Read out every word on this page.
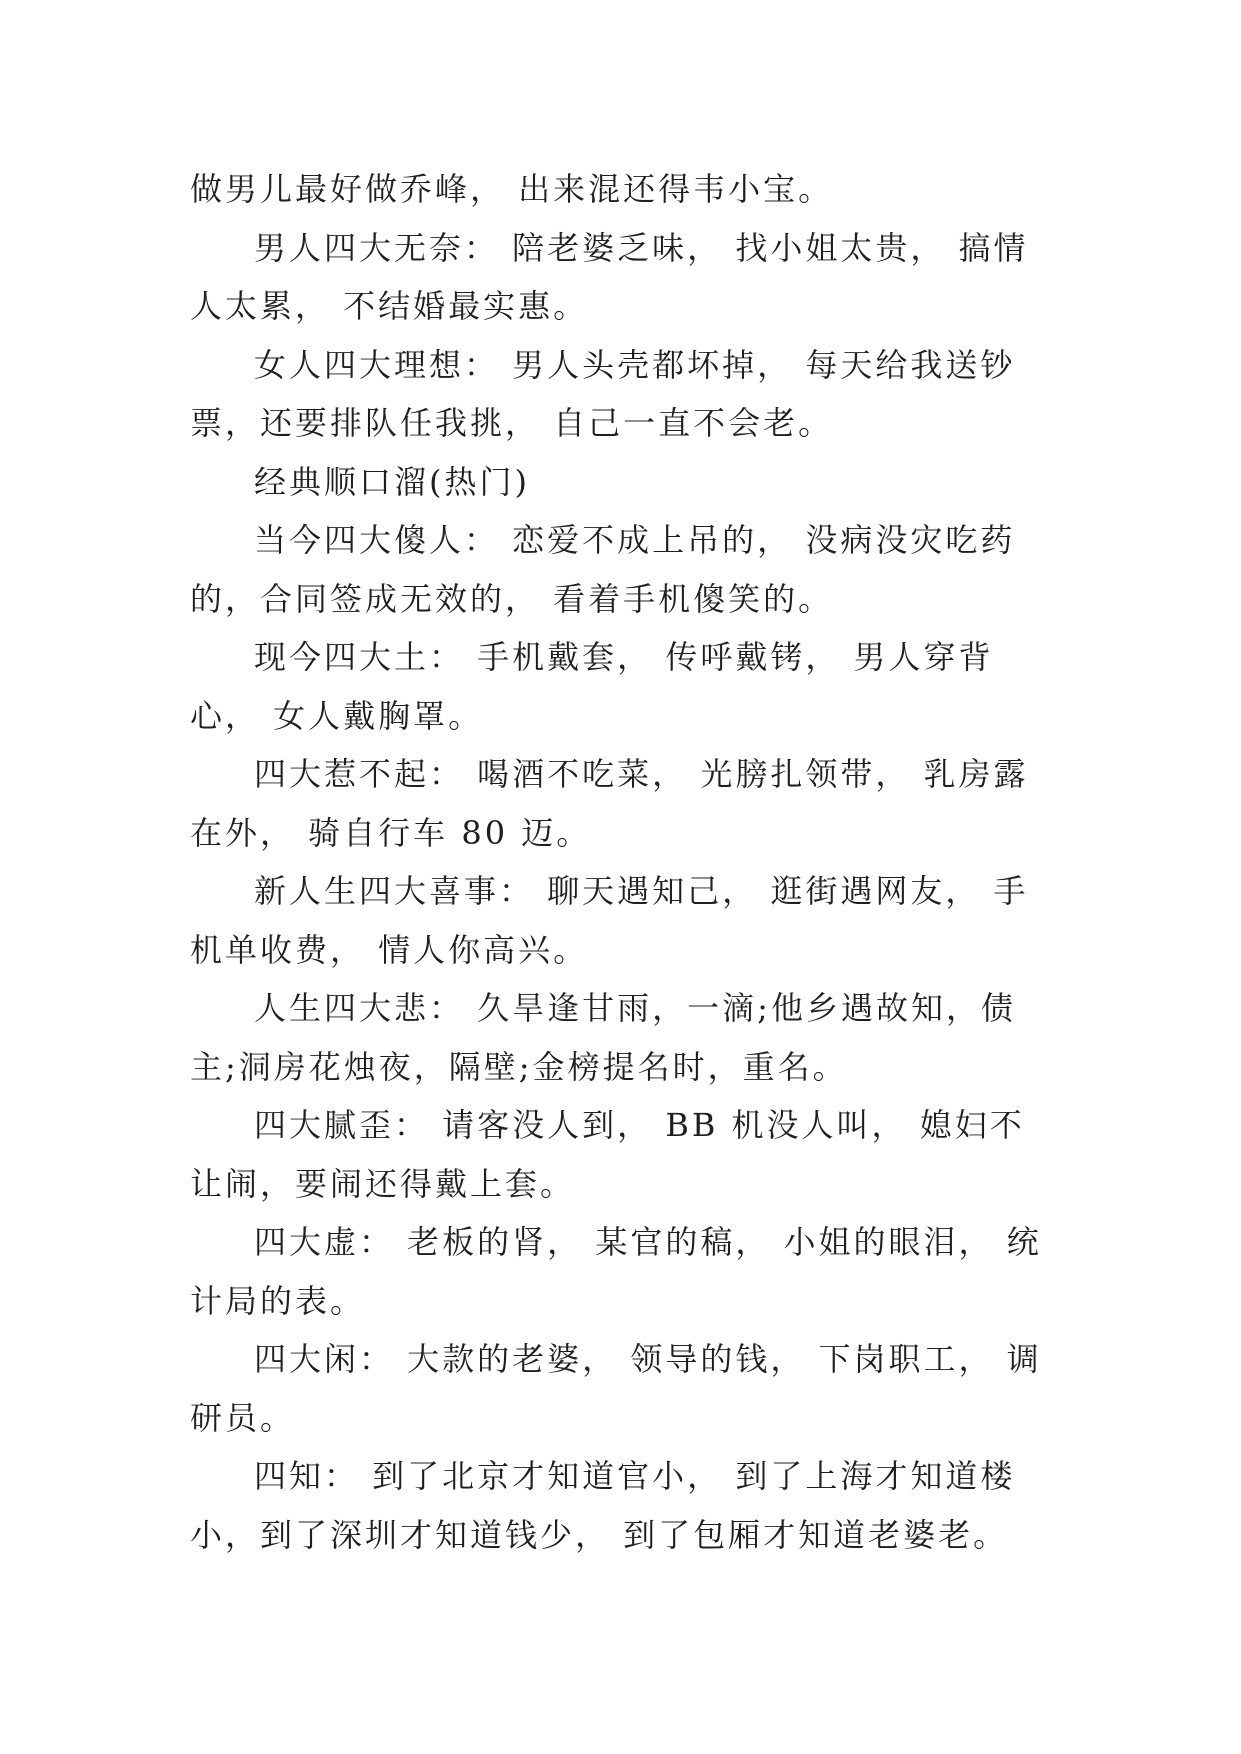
做男儿最好做乔峰， 出来混还得韦小宝。

男人四大无奈： 陪老婆乏味， 找小姐太贵， 搞情人太累， 不结婚最实惠。

女人四大理想： 男人头壳都坏掉， 每天给我送钞票，还要排队任我挑， 自己一直不会老。

经典顺口溜(热门)

当今四大傻人： 恋爱不成上吊的， 没病没灾吃药的，合同签成无效的， 看着手机傻笑的。

现今四大土： 手机戴套， 传呼戴铐， 男人穿背心， 女人戴胸罩。

四大惹不起： 喝酒不吃菜， 光膀扎领带， 乳房露在外， 骑自行车 80 迈。

新人生四大喜事： 聊天遇知己， 逛街遇网友， 手机单收费， 情人你高兴。

人生四大悲： 久旱逢甘雨，一滴;他乡遇故知，债主;洞房花烛夜，隔壁;金榜提名时，重名。

四大腻歪： 请客没人到， BB 机没人叫， 媳妇不让闹，要闹还得戴上套。

四大虚： 老板的肾， 某官的稿， 小姐的眼泪， 统计局的表。

四大闲： 大款的老婆， 领导的钱， 下岗职工， 调研员。

四知： 到了北京才知道官小， 到了上海才知道楼小，到了深圳才知道钱少， 到了包厢才知道老婆老。
